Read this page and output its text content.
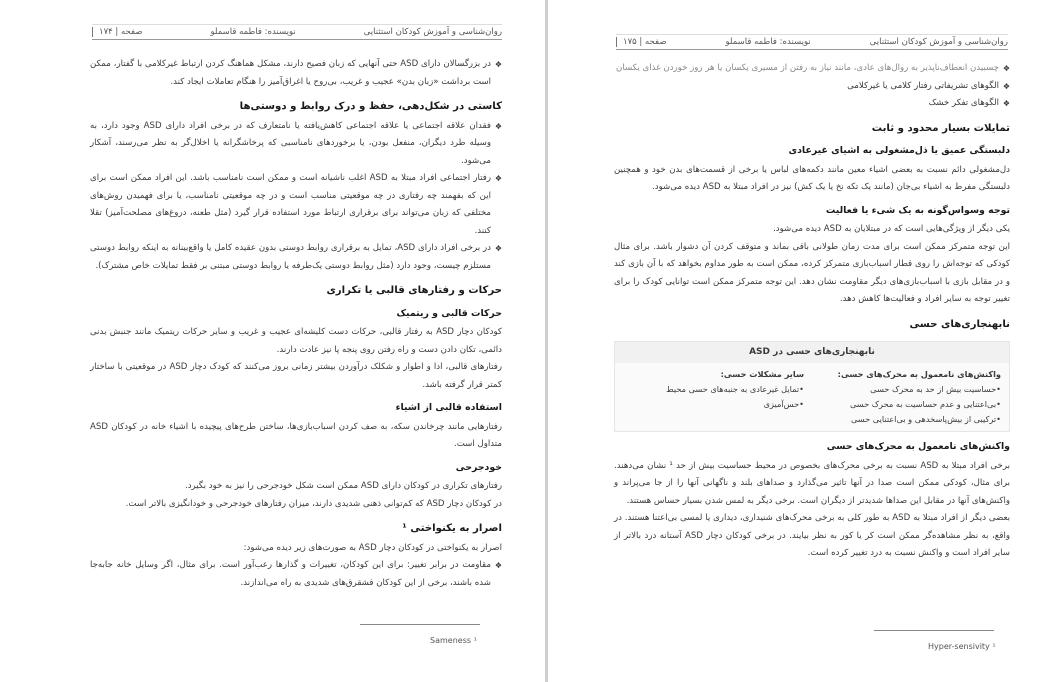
روان‌شناسی و آموزش کودکان استثنایی
نویسنده: فاطمه قاسملو
صفحه | ۱۷۴
❖ در بزرگسالان دارای ASD حتی آنهایی که زبان فصیح دارند، مشکل هماهنگ کردن ارتباط غیرکلامی با گفتار، ممکن است برداشت «زبان بدن» عجیب و غریب، بی‌روح یا اغراق‌آمیز را هنگام تعاملات ایجاد کند.
کاستی در شکل‌دهی، حفظ و درک روابط و دوستی‌ها
❖ فقدان علاقه اجتماعی یا علاقه اجتماعی کاهش‌یافته یا نامتعارف که در برخی افراد دارای ASD وجود دارد، به وسیله طرد دیگران، منفعل بودن، یا برخوردهای نامناسبی که پرخاشگرانه یا اخلال‌گر به نظر می‌رسند، آشکار می‌شود.
❖ رفتار اجتماعی افراد مبتلا به ASD اغلب ناشیانه است و ممکن است نامناسب باشد. این افراد ممکن است برای این که بفهمند چه رفتاری در چه موقعیتی مناسب است و در چه موقعیتی نامناسب، یا برای فهمیدن روش‌های مختلفی که زبان می‌تواند برای برقراری ارتباط مورد استفاده قرار گیرد (مثل طعنه، دروغ‌های مصلحت‌آمیز) تقلا کنند.
❖ در برخی افراد دارای ASD، تمایل به برقراری روابط دوستی بدون عقیده کامل یا واقع‌بینانه به اینکه روابط دوستی مستلزم چیست، وجود دارد (مثل روابط دوستی یک‌طرفه یا روابط دوستی مبتنی بر فقط تمایلات خاص مشترک).
حرکات و رفتارهای قالبی یا تکراری
حرکات قالبی و ریتمیک
کودکان دچار ASD به رفتار قالبی، حرکات دست کلیشه‌ای عجیب و غریب و سایر حرکات ریتمیک مانند جنبش بدنی دائمی، تکان دادن دست و راه رفتن روی پنجه پا نیز عادت دارند.
رفتارهای قالبی، ادا و اطوار و شکلک درآوردن بیشتر زمانی بروز می‌کنند که کودک دچار ASD در موقعیتی با ساختار کمتر قرار گرفته باشد.
استفاده قالبی از اشیاء
رفتارهایی مانند چرخاندن سکه، به صف کردن اسباب‌بازی‌ها، ساختن طرح‌های پیچیده با اشیاء خانه در کودکان ASD متداول است.
خودجرحی
رفتارهای تکراری در کودکان دارای ASD ممکن است شکل خودجرحی را نیز به خود بگیرد.
در کودکان دچار ASD که کم‌توانی ذهنی شدیدی دارند، میزان رفتارهای خودجرحی و خودانگیزی بالاتر است.
اصرار به یکنواختی ¹
اصرار به یکنواختی در کودکان دچار ASD به صورت‌های زیر دیده می‌شود:
❖ مقاومت در برابر تغییر: برای این کودکان، تغییرات و گذارها رعب‌آور است. برای مثال، اگر وسایل خانه جابه‌جا شده باشند، برخی از این کودکان قشقرق‌های شدیدی به راه می‌اندازند.
Sameness ¹
روان‌شناسی و آموزش کودکان استثنایی
نویسنده: فاطمه قاسملو
صفحه | ۱۷۵
❖ چسبیدن انعطاف‌ناپذیر به روال‌های عادی، مانند نیاز به رفتن از مسیری یکسان یا هر روز خوردن غذای یکسان
❖ الگوهای تشریفاتی رفتار کلامی یا غیرکلامی
❖ الگوهای تفکر خشک
تمایلات بسیار محدود و ثابت
دلبستگی عمیق یا ذل‌مشغولی به اشیای غیرعادی
دل‌مشغولی دائم نسبت به بعضی اشیاء معین مانند دکمه‌های لباس یا برخی از قسمت‌های بدن خود و همچنین دلبستگی مفرط به اشیاء بی‌جان (مانند یک تکه نخ یا یک کش) نیز در افراد مبتلا به ASD دیده می‌شود.
توجه وسواس‌گونه به یک شیء یا فعالیت
یکی دیگر از ویژگی‌هایی است که در مبتلایان به ASD دیده می‌شود.
این توجه متمرکز ممکن است برای مدت زمان طولانی باقی بماند و متوقف کردن آن دشوار باشد. برای مثال کودکی که توجه‌اش را روی قطار اسباب‌بازی متمرکز کرده، ممکن است به طور مداوم بخواهد که با آن بازی کند و در مقابل بازی با اسباب‌بازی‌های دیگر مقاومت نشان دهد. این توجه متمرکز ممکن است توانایی کودک را برای تغییر توجه به سایر افراد و فعالیت‌ها کاهش دهد.
نابهنجاری‌های حسی
نابهنجاری‌های حسی در ASD
واکنش‌های نامعمول به محرک‌های حسی:
•حساسیت بیش از حد به محرک حسی
•بی‌اعتنایی و عدم حساسیت به محرک حسی
•ترکیبی از بیش‌پاسخدهی و بی‌اعتنایی حسی
سایر مشکلات حسی:
•تمایل غیرعادی به جنبه‌های حسی محیط
•حس‌آمیزی
واکنش‌های نامعمول به محرک‌های حسی
برخی افراد مبتلا به ASD نسبت به برخی محرک‌های بخصوص در محیط حساسیت بیش از حد ¹ نشان می‌دهند. برای مثال، کودکی ممکن است صدا در آنها تاثیر می‌گذارد و صداهای بلند و ناگهانی آنها را از جا می‌پراند و واکنش‌های آنها در مقابل این صداها شدیدتر از دیگران است. برخی دیگر به لمس شدن بسیار حساس هستند.
بعضی دیگر از افراد مبتلا به ASD به طور کلی به برخی محرک‌های شنیداری، دیداری یا لمسی بی‌اعتنا هستند. در واقع، به نظر مشاهده‌گر ممکن است کر یا کور به نظر بیایند. در برخی کودکان دچار ASD آستانه درد بالاتر از سایر افراد است و واکنش نسبت به درد تغییر کرده است.
Hyper-sensivity ¹
